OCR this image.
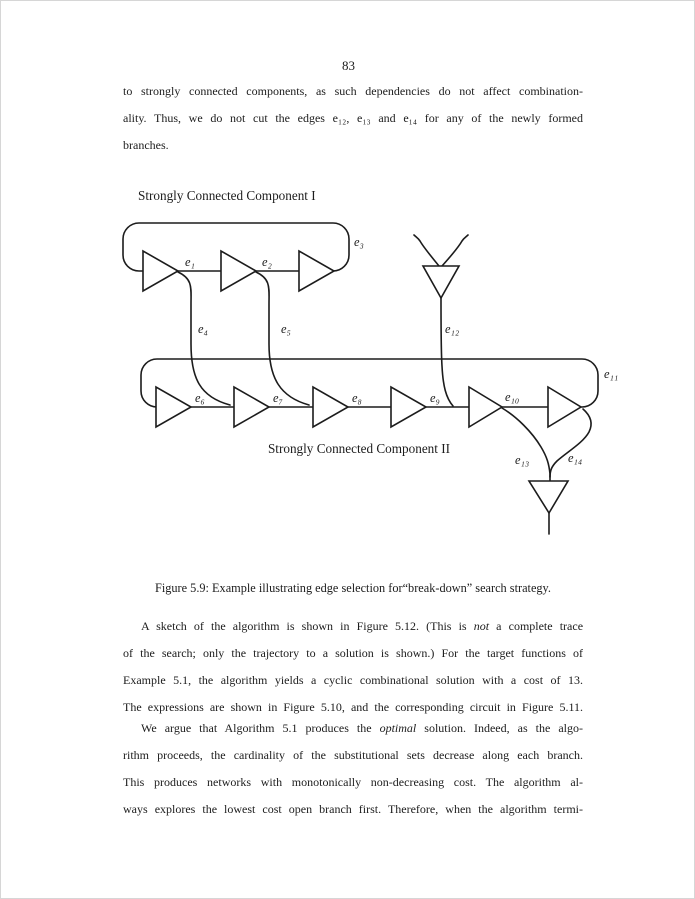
83
to strongly connected components, as such dependencies do not affect combination-
ality. Thus, we do not cut the edges e₁₂, e₁₃ and e₁₄ for any of the newly formed
branches.
Strongly Connected Component I
e₁	e₂
e₃
e₄	e₅
e₆	e₇	e₈	e₉	e₁₀
e₁₁
e₁₂
e₁₃	e₁₄
Strongly Connected Component II
Figure 5.9: Example illustrating edge selection for“break-down” search strategy.
A sketch of the algorithm is shown in Figure 5.12. (This is not a complete trace
of the search; only the trajectory to a solution is shown.) For the target functions of
Example 5.1, the algorithm yields a cyclic combinational solution with a cost of 13.
The expressions are shown in Figure 5.10, and the corresponding circuit in Figure 5.11.
We argue that Algorithm 5.1 produces the optimal solution. Indeed, as the algo-
rithm proceeds, the cardinality of the substitutional sets decrease along each branch.
This produces networks with monotonically non-decreasing cost. The algorithm al-
ways explores the lowest cost open branch first. Therefore, when the algorithm termi-
